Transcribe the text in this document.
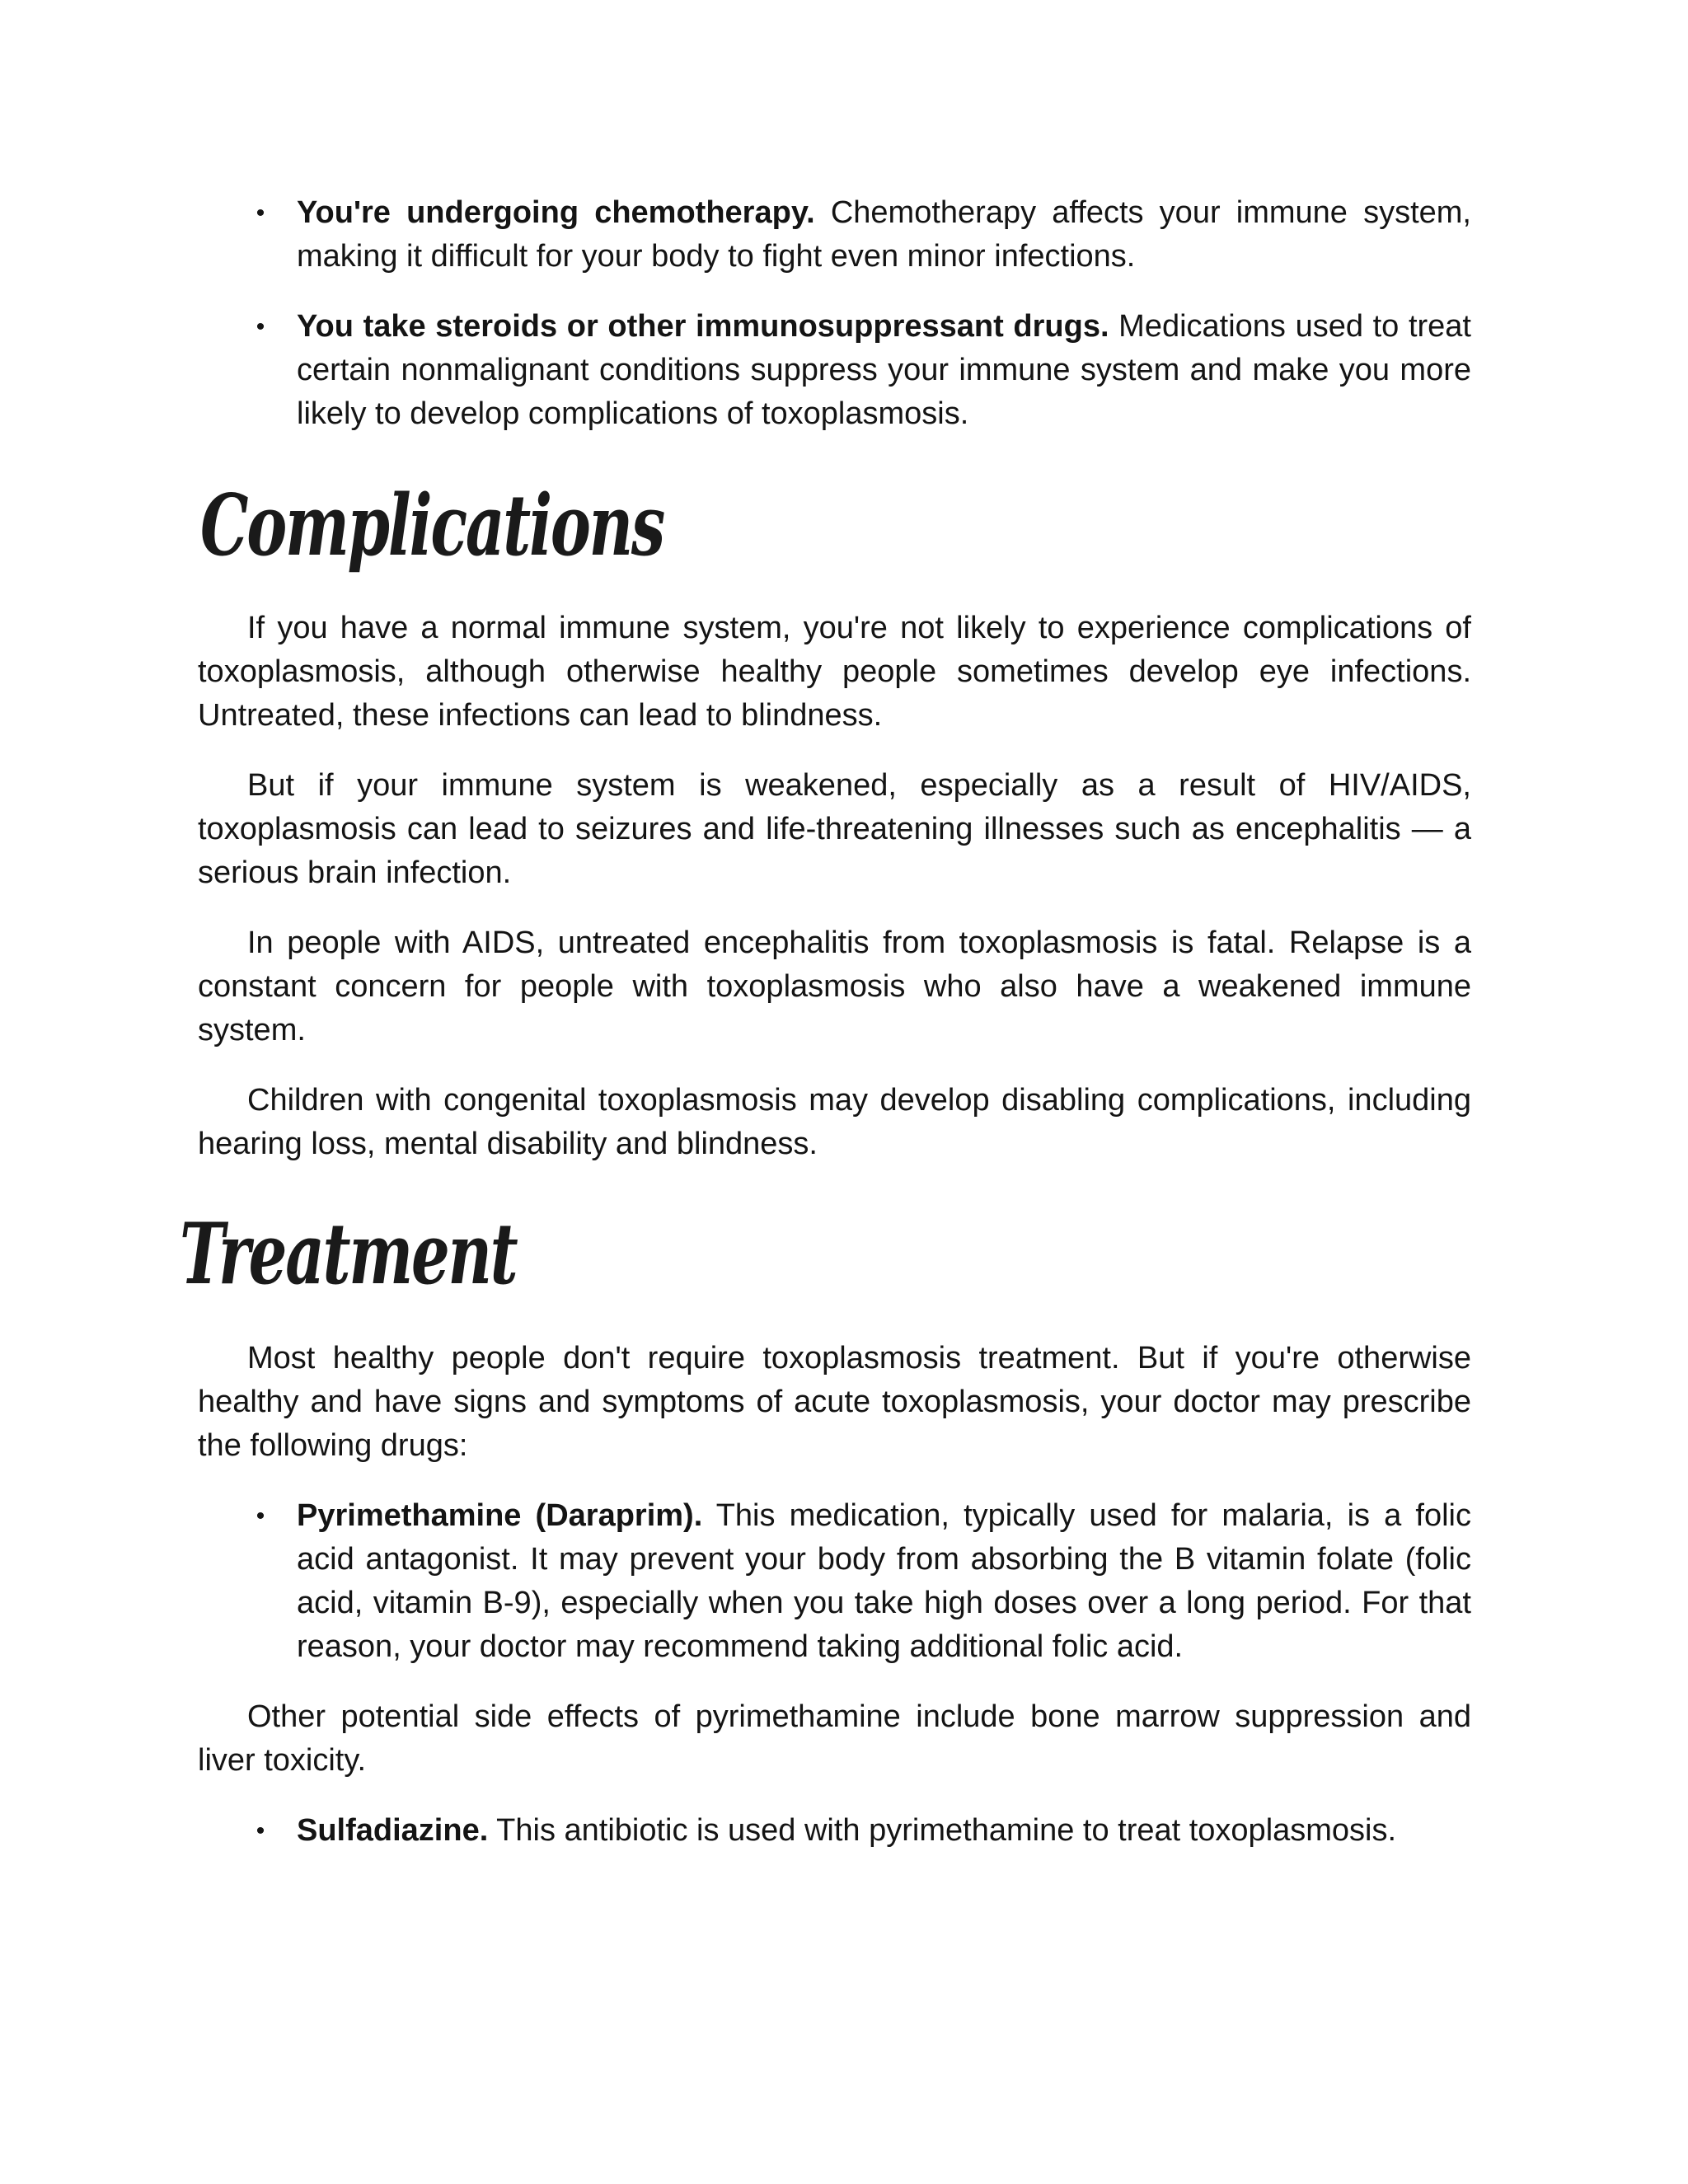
•	You're undergoing chemotherapy. Chemotherapy affects your immune system, making it difficult for your body to fight even minor infections.
•	You take steroids or other immunosuppressant drugs. Medications used to treat certain nonmalignant conditions suppress your immune system and make you more likely to develop complications of toxoplasmosis.
Complications

If you have a normal immune system, you're not likely to experience complications of toxoplasmosis, although otherwise healthy people sometimes develop eye infections. Untreated, these infections can lead to blindness.

But if your immune system is weakened, especially as a result of HIV/AIDS, toxoplasmosis can lead to seizures and life-threatening illnesses such as encephalitis — a serious brain infection.

In people with AIDS, untreated encephalitis from toxoplasmosis is fatal. Relapse is a constant concern for people with toxoplasmosis who also have a weakened immune system.

Children with congenital toxoplasmosis may develop disabling complications, including hearing loss, mental disability and blindness.

Treatment

Most healthy people don't require toxoplasmosis treatment. But if you're otherwise healthy and have signs and symptoms of acute toxoplasmosis, your doctor may prescribe the following drugs:

•	Pyrimethamine (Daraprim). This medication, typically used for malaria, is a folic acid antagonist. It may prevent your body from absorbing the B vitamin folate (folic acid, vitamin B-9), especially when you take high doses over a long period. For that reason, your doctor may recommend taking additional folic acid.

Other potential side effects of pyrimethamine include bone marrow suppression and liver toxicity.

•	Sulfadiazine. This antibiotic is used with pyrimethamine to treat toxoplasmosis.
